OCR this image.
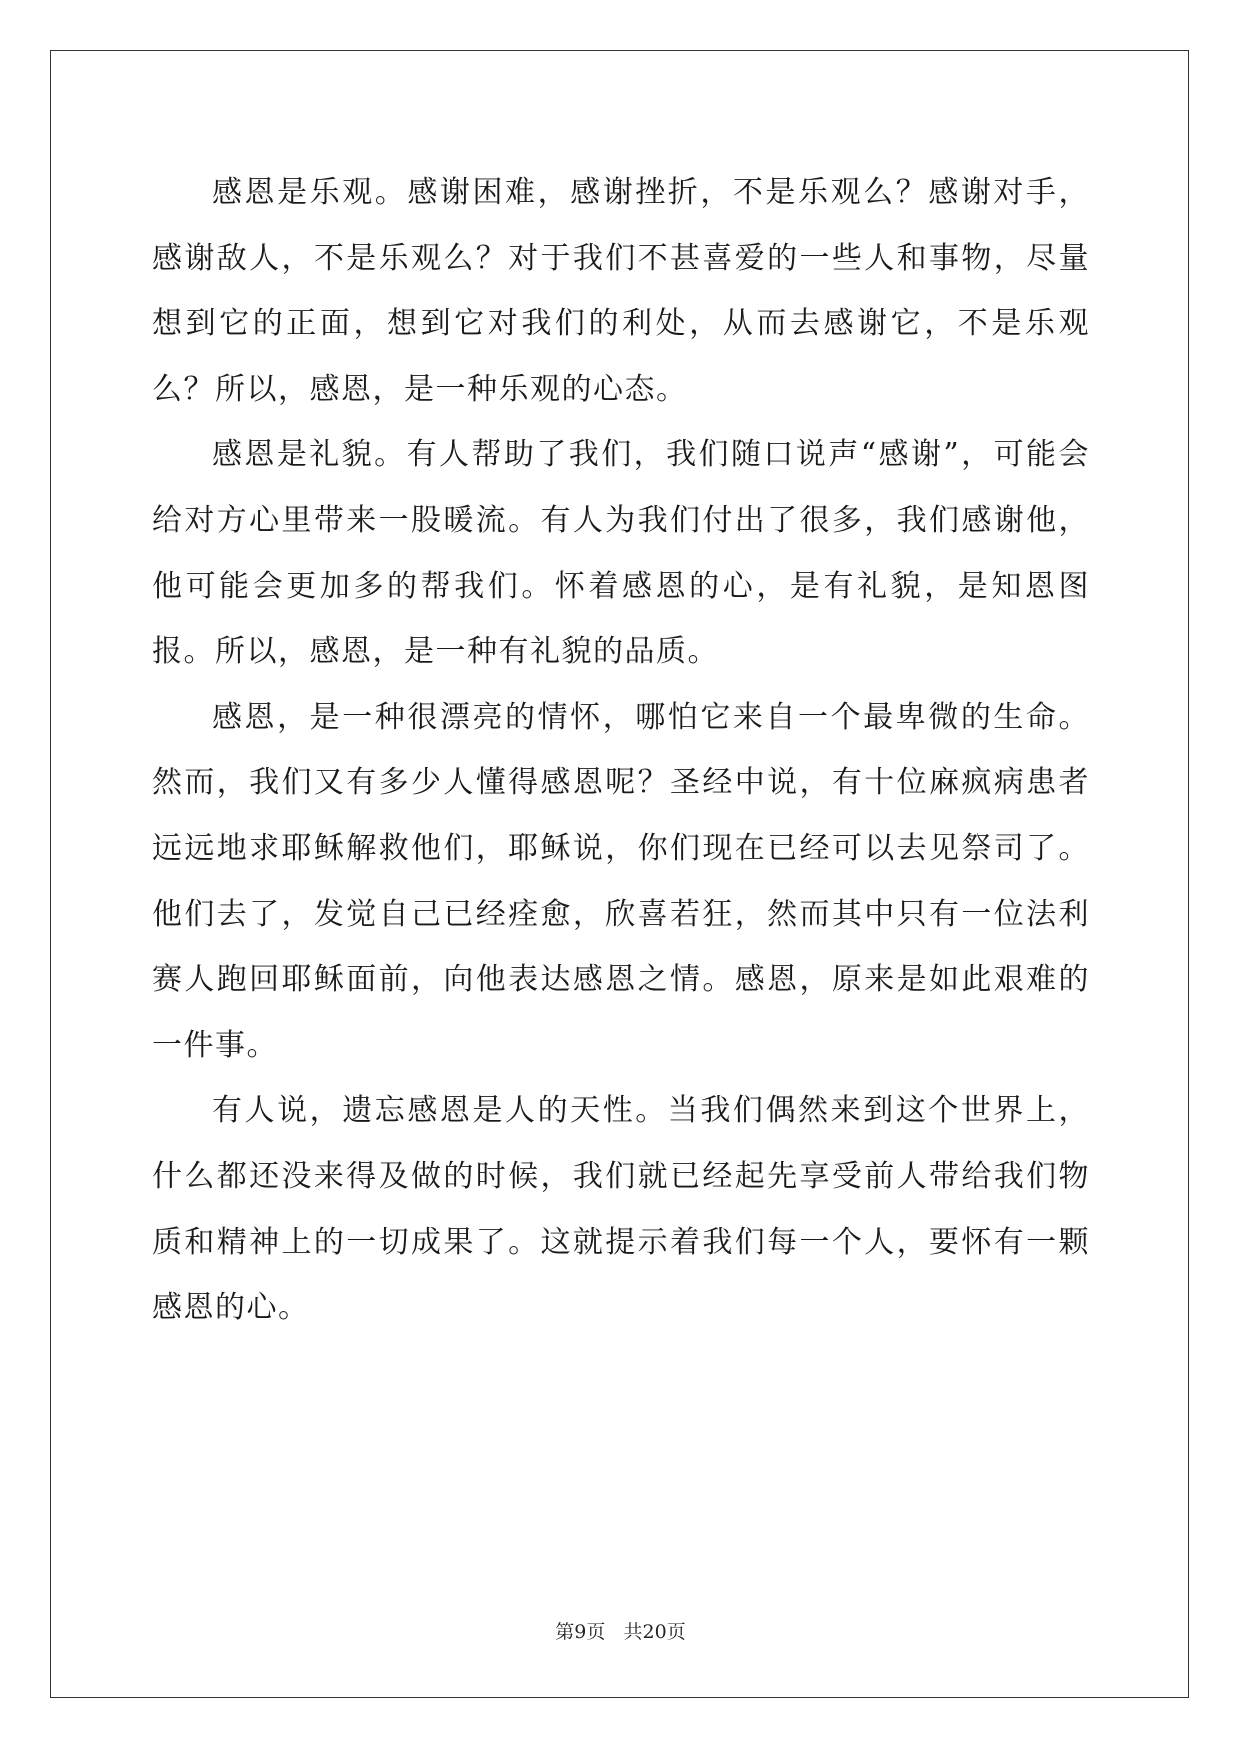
感恩是乐观。感谢困难，感谢挫折，不是乐观么？感谢对手，感谢敌人，不是乐观么？对于我们不甚喜爱的一些人和事物，尽量想到它的正面，想到它对我们的利处，从而去感谢它，不是乐观么？所以，感恩，是一种乐观的心态。

感恩是礼貌。有人帮助了我们，我们随口说声“感谢”，可能会给对方心里带来一股暖流。有人为我们付出了很多，我们感谢他，他可能会更加多的帮我们。怀着感恩的心，是有礼貌，是知恩图报。所以，感恩，是一种有礼貌的品质。

感恩，是一种很漂亮的情怀，哪怕它来自一个最卑微的生命。然而，我们又有多少人懂得感恩呢？圣经中说，有十位麻疯病患者远远地求耶稣解救他们，耶稣说，你们现在已经可以去见祭司了。他们去了，发觉自己已经痊愈，欣喜若狂，然而其中只有一位法利赛人跑回耶稣面前，向他表达感恩之情。感恩，原来是如此艰难的一件事。

有人说，遗忘感恩是人的天性。当我们偶然来到这个世界上，什么都还没来得及做的时候，我们就已经起先享受前人带给我们物质和精神上的一切成果了。这就提示着我们每一个人，要怀有一颗感恩的心。

第9页 共20页
